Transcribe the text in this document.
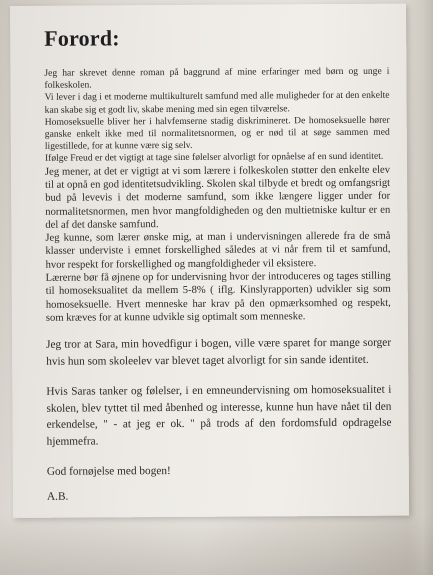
Forord:

Jeg har skrevet denne roman på baggrund af mine erfaringer med børn og unge i folkeskolen.

Vi lever i dag i et moderne multikulturelt samfund med alle muligheder for at den enkelte kan skabe sig et godt liv, skabe mening med sin egen tilværelse.

Homoseksuelle bliver her i halvfemserne stadig diskrimineret. De homoseksuelle hører ganske enkelt ikke med til normalitetsnormen, og er nød til at søge sammen med ligestillede, for at kunne være sig selv.

Ifølge Freud er det vigtigt at tage sine følelser alvorligt for opnåelse af en sund identitet.

Jeg mener, at det er vigtigt at vi som lærere i folkeskolen støtter den enkelte elev til at opnå en god identitetsudvikling. Skolen skal tilbyde et bredt og omfangsrigt bud på levevis i det moderne samfund, som ikke længere ligger under for normalitetsnormen, men hvor mangfoldigheden og den multietniske kultur er en del af det danske samfund.

Jeg kunne, som lærer ønske mig, at man i undervisningen allerede fra de små klasser underviste i emnet forskellighed således at vi når frem til et samfund, hvor respekt for forskellighed og mangfoldigheder vil eksistere.

Lærerne bør få øjnene op for undervisning hvor der introduceres og tages stilling til homoseksualitet da mellem 5-8% ( iflg. Kinslyrapporten) udvikler sig som homoseksuelle. Hvert menneske har krav på den opmærksomhed og respekt, som kræves for at kunne udvikle sig optimalt som menneske.

Jeg tror at Sara, min hovedfigur i bogen, ville være sparet for mange sorger hvis hun som skoleelev var blevet taget alvorligt for sin sande identitet.

Hvis Saras tanker og følelser, i en emneundervisning om homoseksualitet i skolen, blev tyttet til med åbenhed og interesse, kunne hun have nået til den erkendelse, " - at jeg er ok. " på trods af den fordomsfuld opdragelse hjemmefra.

God fornøjelse med bogen!

A.B.
